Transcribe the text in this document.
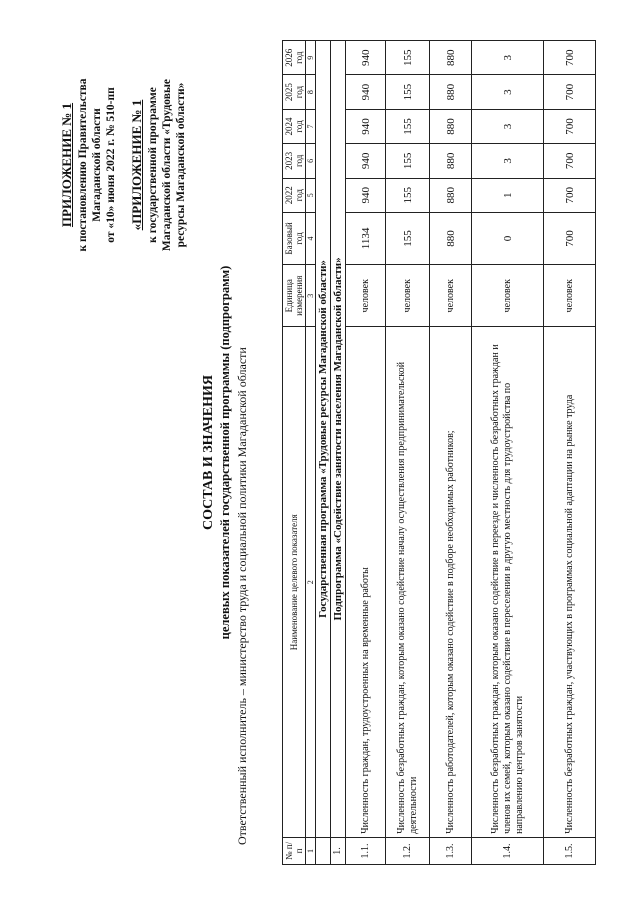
ПРИЛОЖЕНИЕ № 1 к постановлению Правительства Магаданской области от «10» июня 2022 г. № 510-пп «ПРИЛОЖЕНИЕ № 1 к государственной программе Магаданской области «Трудовые ресурсы Магаданской области»
СОСТАВ И ЗНАЧЕНИЯ целевых показателей государственной программы (подпрограмм) Ответственный исполнитель – министерство труда и социальной политики Магаданской области
№ п/п	Наименование целевого показателя	Единица измерения	Базовый год	2022 год	2023 год	2024 год	2025 год	2026 год
1	2	3	4	5	6	7	8	9
	Государственная программа «Трудовые ресурсы Магаданской области»							
1.	Подпрограмма «Содействие занятости населения Магаданской области»							
1.1.	Численность граждан, трудоустроенных на временные работы	человек	1134	940	940	940	940	940
1.2.	Численность безработных граждан, которым оказано содействие началу осуществления предпринимательской деятельности	человек	155	155	155	155	155	155
1.3.	Численность работодателей, которым оказано содействие в подборе необходимых работников;	человек	880	880	880	880	880	880
1.4.	Численность безработных граждан, которым оказано содействие в переезде и численность безработных граждан и членов их семей, которым оказано содействие в переселении в другую местность для трудоустройства по направлению центров занятости	человек	0	1	3	3	3	3
1.5.	Численность безработных граждан, участвующих в программах социальной адаптации на рынке труда	человек	700	700	700	700	700	700
